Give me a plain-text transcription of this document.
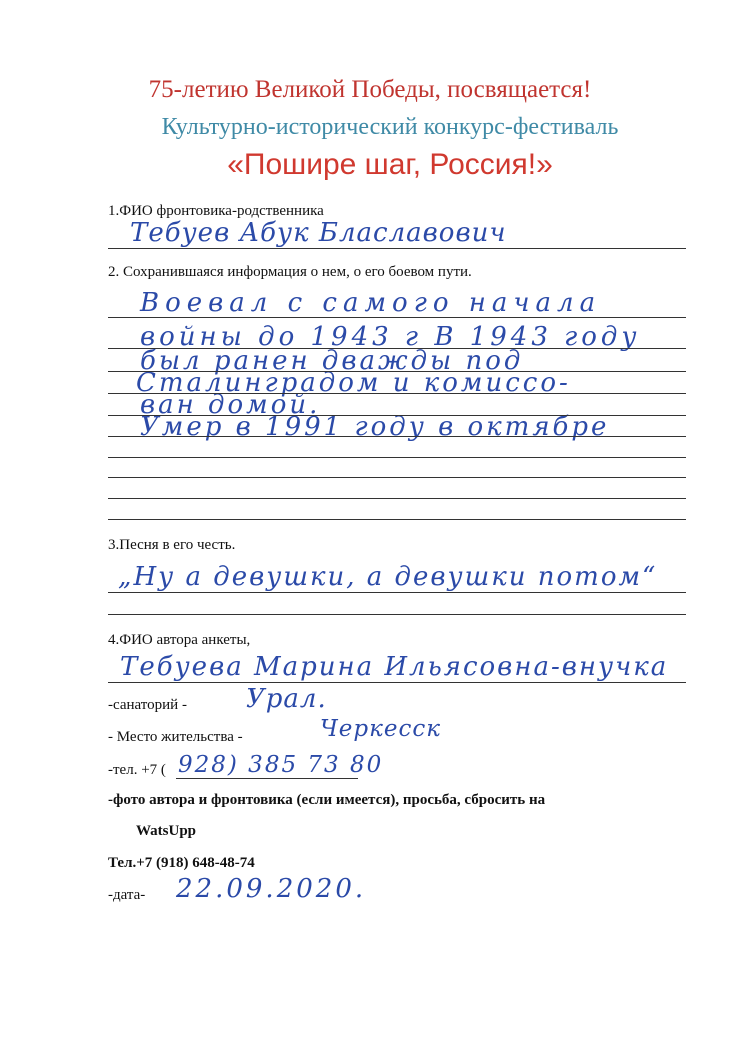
75-летию Великой Победы, посвящается!
Культурно-исторический конкурс-фестиваль
«Пошире шаг, Россия!»
1.ФИО фронтовика-родственника
Тебуев Абук Блаславович
2. Сохранившаяся информация о нем, о его боевом пути.
Воевал с самого начала
войны до 1943 г В 1943 году
был ранен дважды под
Сталинградом и комиссо-
ван домой.
Умер в 1991 году в октябре
3.Песня в его честь.
„Ну а девушки, а девушки потом“
4.ФИО автора анкеты,
Тебуева Марина Ильясовна-внучка
-санаторий - Урал.
- Место жительства -	Черкесск
-тел. +7 ( 928) 385 73 80
-фото автора и фронтовика (если имеется), просьба, сбросить на
WatsUpp
Тел.+7 (918) 648-48-74
-дата- 22.09.2020.
